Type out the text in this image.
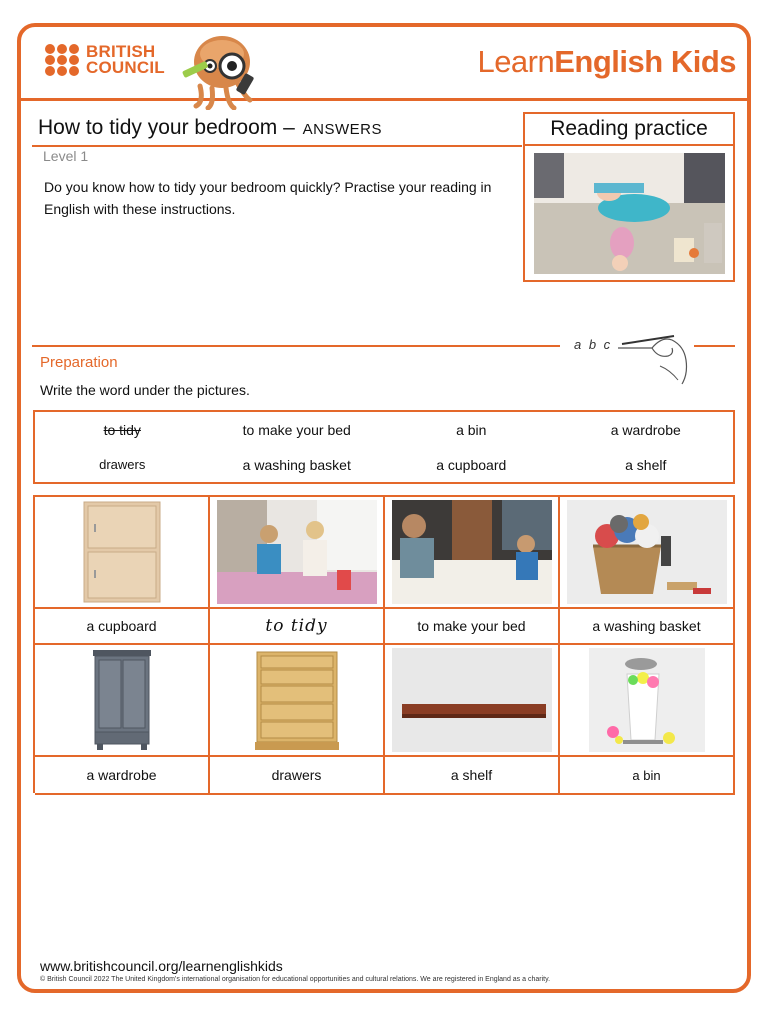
BRITISH
COUNCIL	LearnEnglish Kids
How to tidy your bedroom – ANSWERS
Level 1
Do you know how to tidy your bedroom quickly? Practise your reading in English with these instructions.
Reading practice
a b c
Preparation
Write the word under the pictures.
to tidy	to make your bed	a bin	a wardrobe
drawers	a washing basket	a cupboard	a shelf
a cupboard	to tidy	to make your bed	a washing basket
a wardrobe	drawers	a shelf	a bin
www.britishcouncil.org/learnenglishkids
© British Council 2022 The United Kingdom's international organisation for educational opportunities and cultural relations. We are registered in England as a charity.
